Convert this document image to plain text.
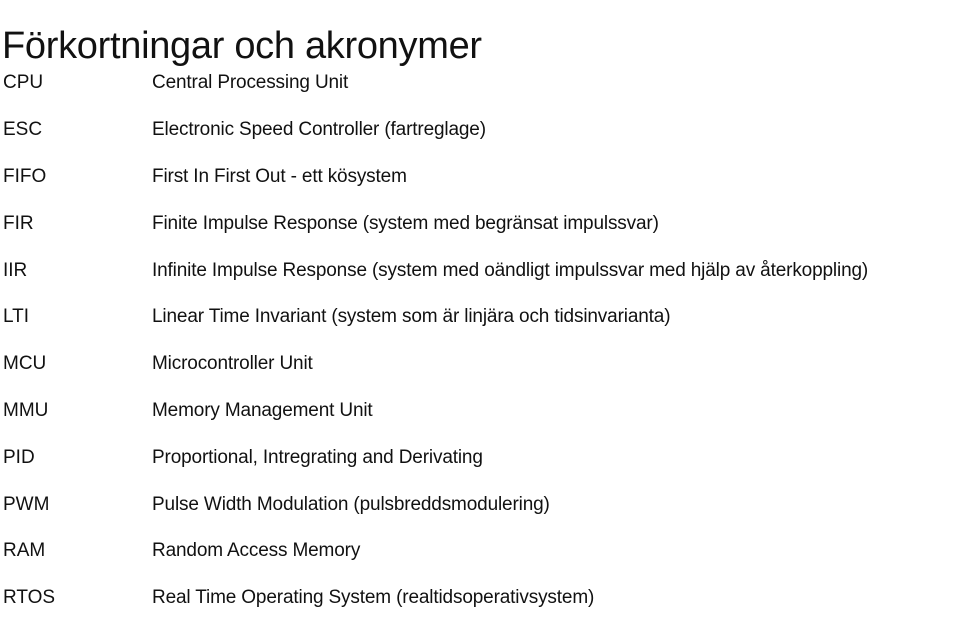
Förkortningar och akronymer
CPU	Central Processing Unit
ESC	Electronic Speed Controller (fartreglage)
FIFO	First In First Out - ett kösystem
FIR	Finite Impulse Response (system med begränsat impulssvar)
IIR	Infinite Impulse Response (system med oändligt impulssvar med hjälp av återkoppling)
LTI	Linear Time Invariant (system som är linjära och tidsinvarianta)
MCU	Microcontroller Unit
MMU	Memory Management Unit
PID	Proportional, Intregrating and Derivating
PWM	Pulse Width Modulation (pulsbreddsmodulering)
RAM	Random Access Memory
RTOS	Real Time Operating System (realtidsoperativsystem)
